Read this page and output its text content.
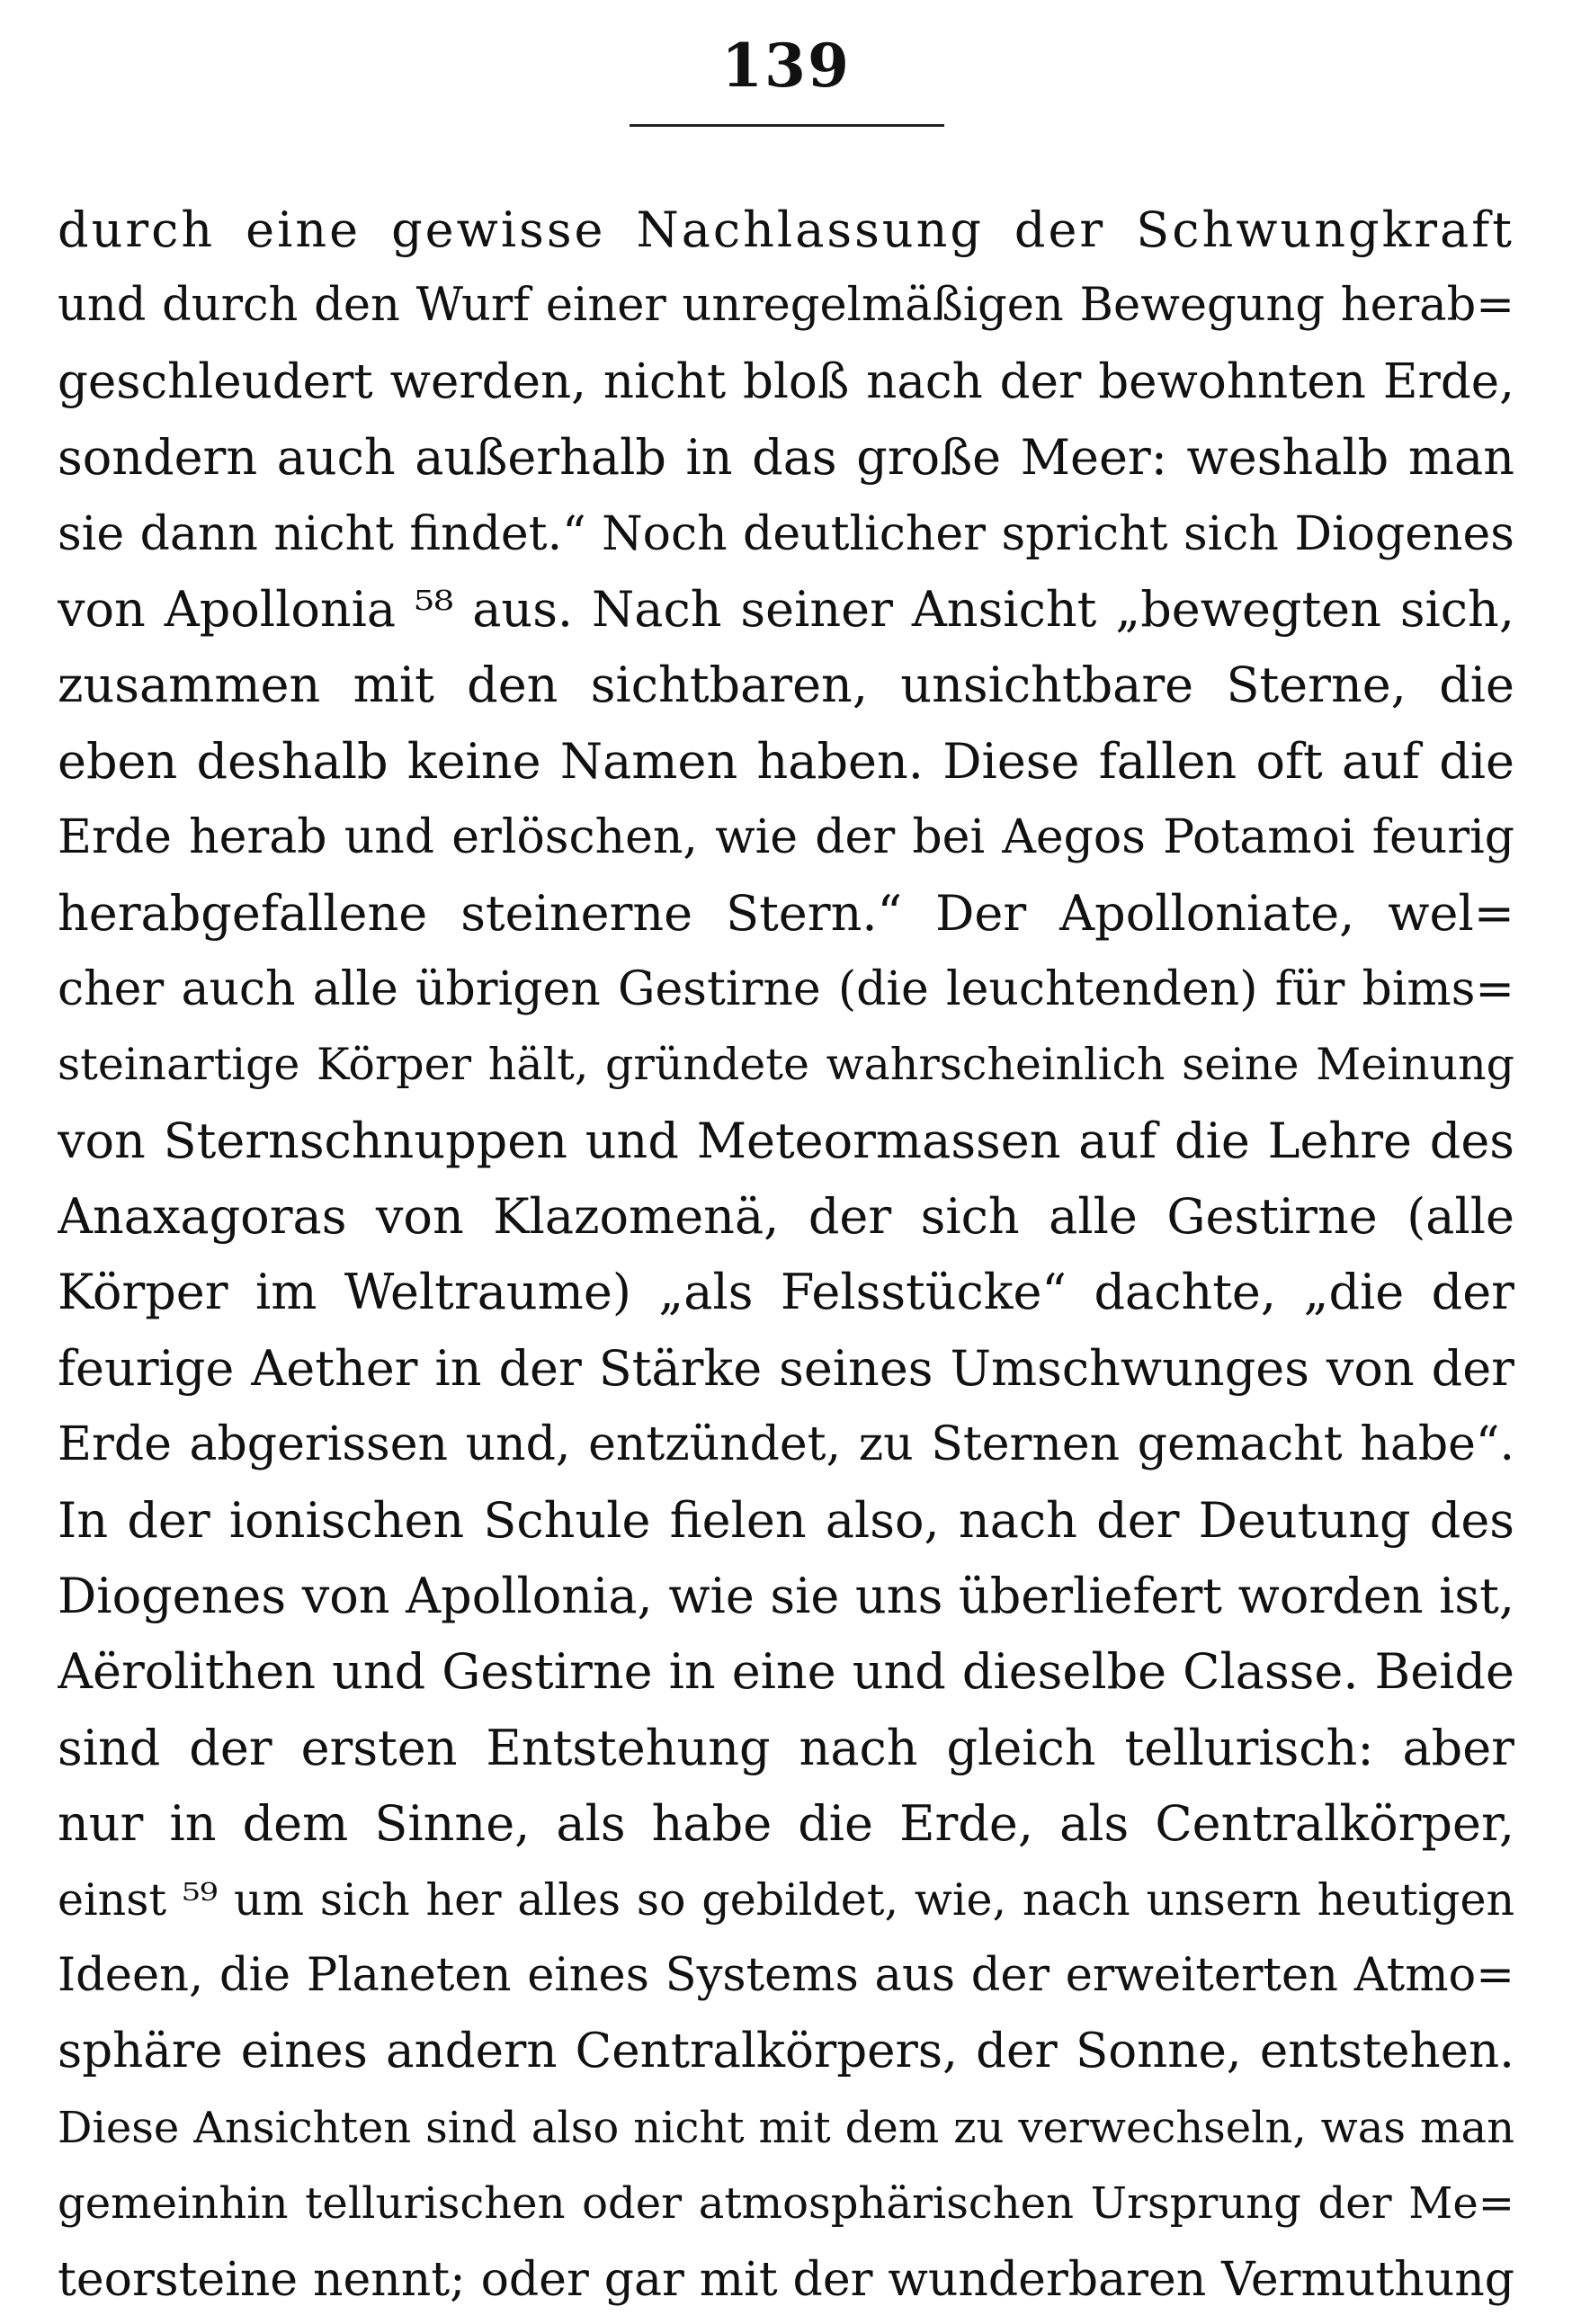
139
durch eine gewisse Nachlassung der Schwungkraft
und durch den Wurf einer unregelmäßigen Bewegung herab=
geschleudert werden, nicht bloß nach der bewohnten Erde,
sondern auch außerhalb in das große Meer: weshalb man
sie dann nicht findet.“ Noch deutlicher spricht sich Diogenes
von Apollonia ⁵⁸ aus. Nach seiner Ansicht „bewegten sich,
zusammen mit den sichtbaren, unsichtbare Sterne, die
eben deshalb keine Namen haben. Diese fallen oft auf die
Erde herab und erlöschen, wie der bei Aegos Potamoi feurig
herabgefallene steinerne Stern.“ Der Apolloniate, wel=
cher auch alle übrigen Gestirne (die leuchtenden) für bims=
steinartige Körper hält, gründete wahrscheinlich seine Meinung
von Sternschnuppen und Meteormassen auf die Lehre des
Anaxagoras von Klazomenä, der sich alle Gestirne (alle
Körper im Weltraume) „als Felsstücke“ dachte, „die der
feurige Aether in der Stärke seines Umschwunges von der
Erde abgerissen und, entzündet, zu Sternen gemacht habe“.
In der ionischen Schule fielen also, nach der Deutung des
Diogenes von Apollonia, wie sie uns überliefert worden ist,
Aërolithen und Gestirne in eine und dieselbe Classe. Beide
sind der ersten Entstehung nach gleich tellurisch: aber
nur in dem Sinne, als habe die Erde, als Centralkörper,
einst ⁵⁹ um sich her alles so gebildet, wie, nach unsern heutigen
Ideen, die Planeten eines Systems aus der erweiterten Atmo=
sphäre eines andern Centralkörpers, der Sonne, entstehen.
Diese Ansichten sind also nicht mit dem zu verwechseln, was man
gemeinhin tellurischen oder atmosphärischen Ursprung der Me=
teorsteine nennt; oder gar mit der wunderbaren Vermuthung
